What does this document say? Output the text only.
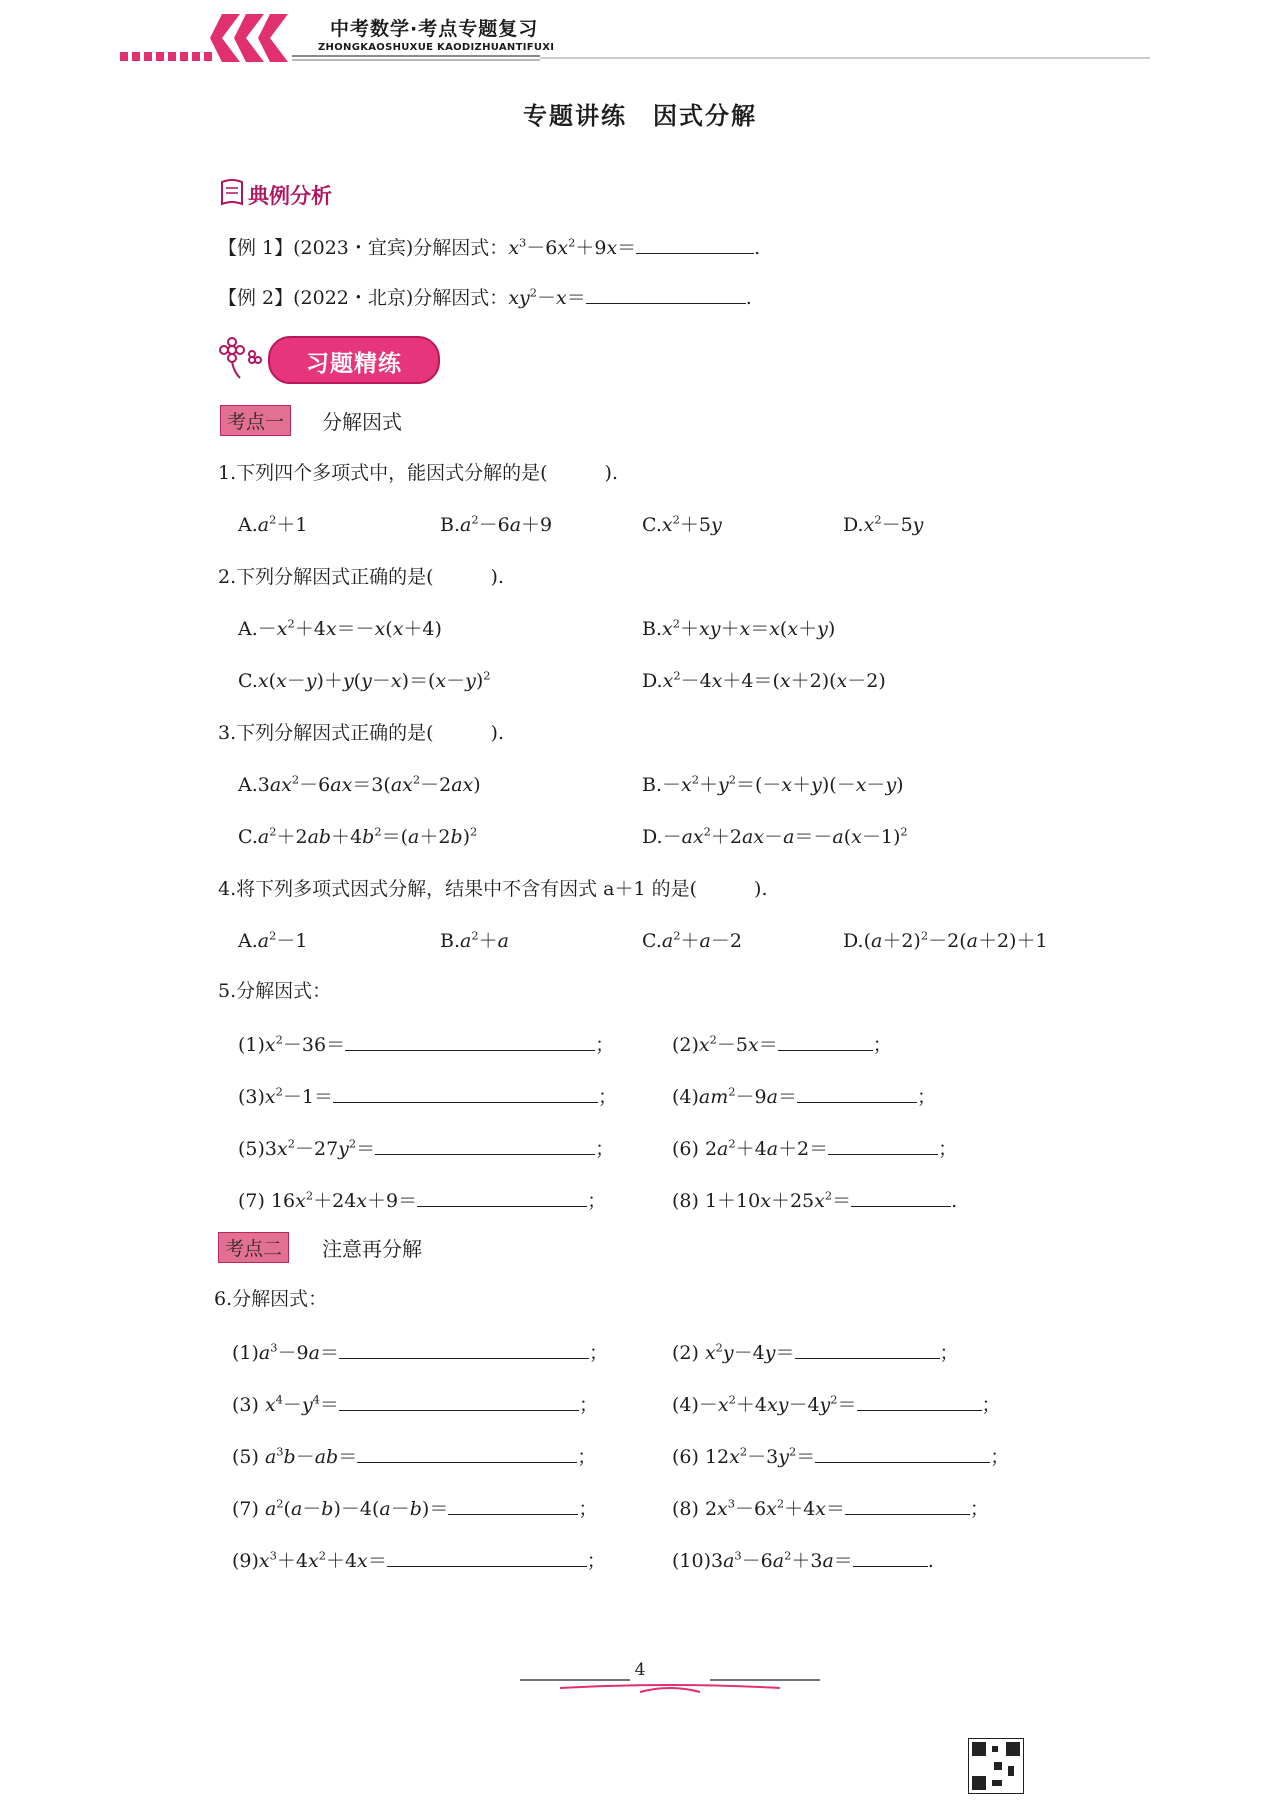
中考数学·考点专题复习
ZHONGKAOSHUXUE KAODIZHUANTIFUXI
专题讲练　因式分解
典例分析
【例 1】(2023・宜宾)分解因式：$x^3-6x^2+9x=$	.
【例 2】(2022・北京)分解因式：$xy^2-x=$	.
习题精练
考点一	分解因式
1.下列四个多项式中，能因式分解的是(　　　).
$A.a^2+1$	$B.a^2-6a+9$	$C.x^2+5y$	$D.x^2-5y$
2.下列分解因式正确的是(　　　).
$A.-x^2+4x=-x(x+4)$	$B.x^2+xy+x=x(x+y)$
$C.x(x-y)+y(y-x)=(x-y)^2$	$D.x^2-4x+4=(x+2)(x-2)$
3.下列分解因式正确的是(　　　).
$A.3ax^2-6ax=3(ax^2-2ax)$	$B.-x^2+y^2=(-x+y)(-x-y)$
$C.a^2+2ab+4b^2=(a+2b)^2$	$D.-ax^2+2ax-a=-a(x-1)^2$
4.将下列多项式因式分解，结果中不含有因式 a＋1 的是(　　　).
$A.a^2-1$	$B.a^2+a$	$C.a^2+a-2$	$D.(a+2)^2-2(a+2)+1$
5.分解因式：
$(1)x^2-36=$	；	$(2)x^2-5x=$	；
$(3)x^2-1=$	；	$(4)am^2-9a=$	；
$(5)3x^2-27y^2=$	；	(6) $2a^2+4a+2=$	；
(7) $16x^2+24x+9=$	；	(8) $1+10x+25x^2=$	.
考点二	注意再分解
6.分解因式：
$(1)a^3-9a=$	；	(2) $x^2y-4y=$	；
(3) $x^4-y^4=$	；	$(4)-x^2+4xy-4y^2=$	；
(5) $a^3b-ab=$	；	(6) $12x^2-3y^2=$	；
(7) $a^2(a-b)-4(a-b)=$	；	(8) $2x^3-6x^2+4x=$	；
$(9)x^3+4x^2+4x=$	；	$(10)3a^3-6a^2+3a=$	.
4
